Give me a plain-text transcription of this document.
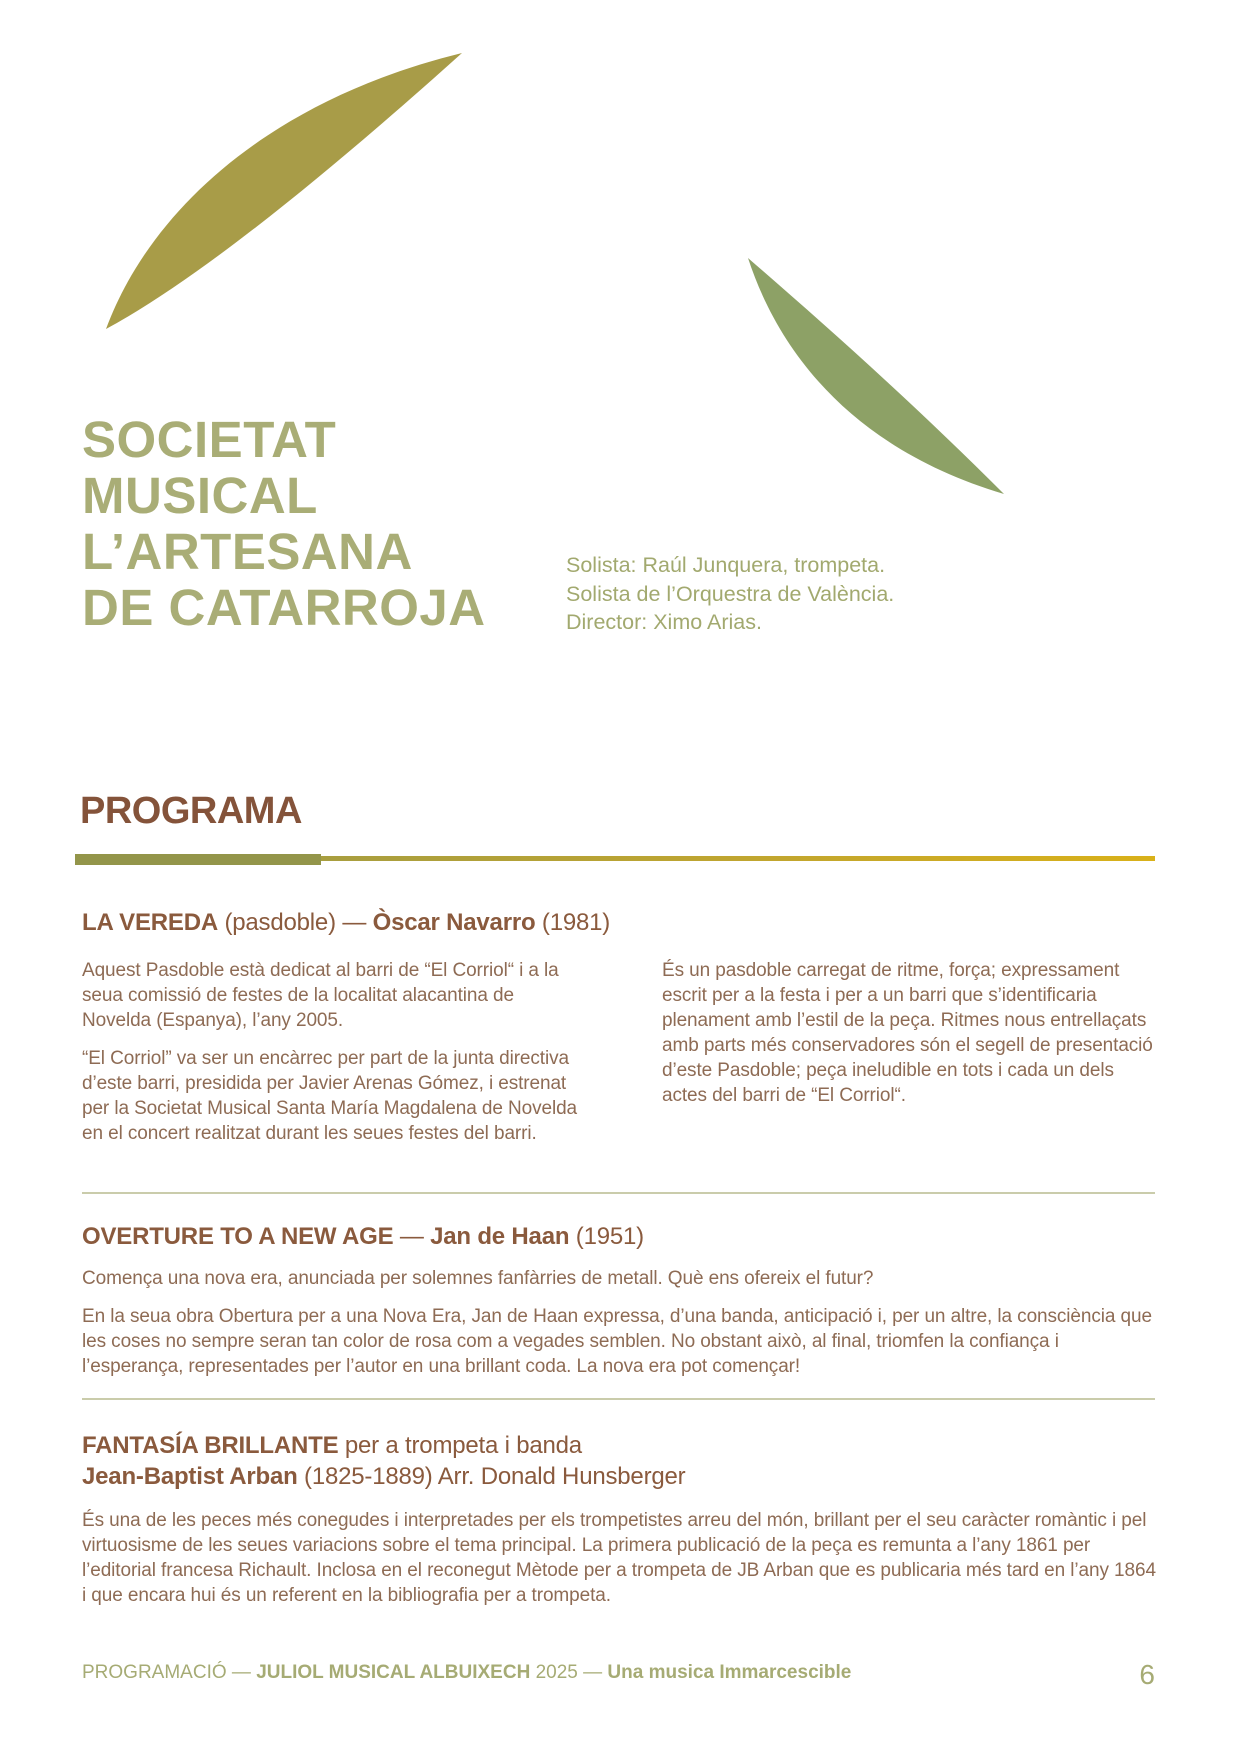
SOCIETAT
MUSICAL
L’ARTESANA
DE CATARROJA
Solista: Raúl Junquera, trompeta.
Solista de l’Orquestra de València.
Director: Ximo Arias.
PROGRAMA
LA VEREDA (pasdoble) — Òscar Navarro (1981)

Aquest Pasdoble està dedicat al barri de “El Corriol“ i a la seua comissió de festes de la localitat alacantina de Novelda (Espanya), l’any 2005.

“El Corriol” va ser un encàrrec per part de la junta directiva d’este barri, presidida per Javier Arenas Gómez, i estrenat per la Societat Musical Santa María Magdalena de Novelda en el concert realitzat durant les seues festes del barri.

És un pasdoble carregat de ritme, força; expressament escrit per a la festa i per a un barri que s’identificaria plenament amb l’estil de la peça. Ritmes nous entrellaçats amb parts més conservadores són el segell de presentació d’este Pasdoble; peça ineludible en tots i cada un dels actes del barri de “El Corriol“.

OVERTURE TO A NEW AGE — Jan de Haan (1951)

Comença una nova era, anunciada per solemnes fanfàrries de metall. Què ens ofereix el futur?

En la seua obra Obertura per a una Nova Era, Jan de Haan expressa, d’una banda, anticipació i, per un altre, la consciència que les coses no sempre seran tan color de rosa com a vegades semblen. No obstant això, al final, triomfen la confiança i l’esperança, representades per l’autor en una brillant coda. La nova era pot començar!

FANTASÍA BRILLANTE per a trompeta i banda
Jean-Baptist Arban (1825-1889) Arr. Donald Hunsberger

És una de les peces més conegudes i interpretades per els trompetistes arreu del món, brillant per el seu caràcter romàntic i pel virtuosisme de les seues variacions sobre el tema principal. La primera publicació de la peça es remunta a l’any 1861 per l’editorial francesa Richault. Inclosa en el reconegut Mètode per a trompeta de JB Arban que es publicaria més tard en l’any 1864 i que encara hui és un referent en la bibliografia per a trompeta.

PROGRAMACIÓ — JULIOL MUSICAL ALBUIXECH 2025 — Una musica Immarcescible	6
